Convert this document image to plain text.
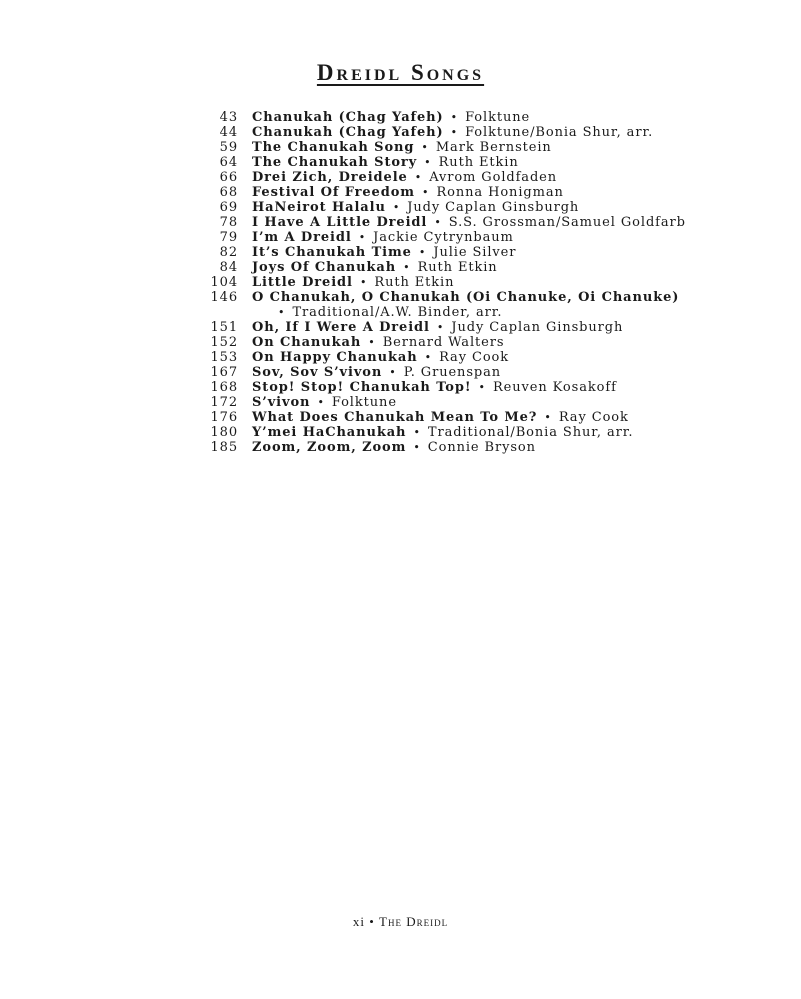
Dreidl Songs
43 Chanukah (Chag Yafeh) • Folktune
44 Chanukah (Chag Yafeh) • Folktune/Bonia Shur, arr.
59 The Chanukah Song • Mark Bernstein
64 The Chanukah Story • Ruth Etkin
66 Drei Zich, Dreidele • Avrom Goldfaden
68 Festival Of Freedom • Ronna Honigman
69 HaNeirot Halalu • Judy Caplan Ginsburgh
78 I Have A Little Dreidl • S.S. Grossman/Samuel Goldfarb
79 I’m A Dreidl • Jackie Cytrynbaum
82 It’s Chanukah Time • Julie Silver
84 Joys Of Chanukah • Ruth Etkin
104 Little Dreidl • Ruth Etkin
146 O Chanukah, O Chanukah (Oi Chanuke, Oi Chanuke)
• Traditional/A.W. Binder, arr.
151 Oh, If I Were A Dreidl • Judy Caplan Ginsburgh
152 On Chanukah • Bernard Walters
153 On Happy Chanukah • Ray Cook
167 Sov, Sov S’vivon • P. Gruenspan
168 Stop! Stop! Chanukah Top! • Reuven Kosakoff
172 S’vivon • Folktune
176 What Does Chanukah Mean To Me? • Ray Cook
180 Y’mei HaChanukah • Traditional/Bonia Shur, arr.
185 Zoom, Zoom, Zoom • Connie Bryson
xi • The Dreidl
